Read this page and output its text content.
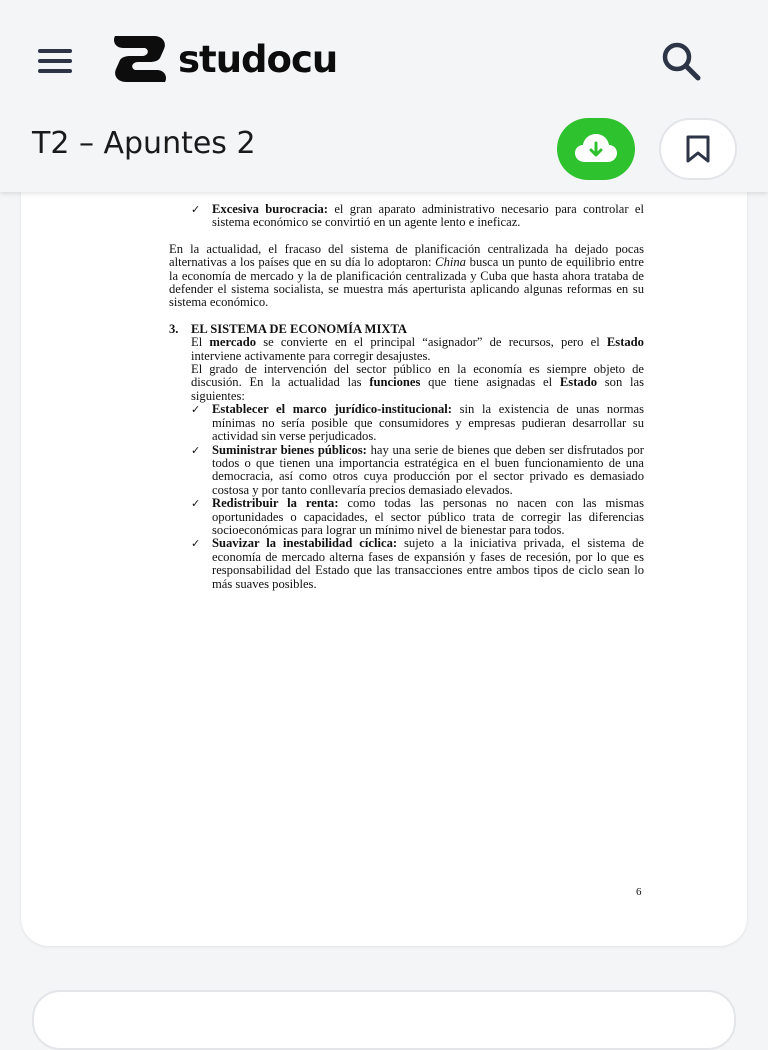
✓ Excesiva burocracia: el gran aparato administrativo necesario para controlar el sistema económico se convirtió en un agente lento e ineficaz.

En la actualidad, el fracaso del sistema de planificación centralizada ha dejado pocas alternativas a los países que en su día lo adoptaron: China busca un punto de equilibrio entre la economía de mercado y la de planificación centralizada y Cuba que hasta ahora trataba de defender el sistema socialista, se muestra más aperturista aplicando algunas reformas en su sistema económico.

3. EL SISTEMA DE ECONOMÍA MIXTA

El mercado se convierte en el principal “asignador” de recursos, pero el Estado interviene activamente para corregir desajustes.

El grado de intervención del sector público en la economía es siempre objeto de discusión. En la actualidad las funciones que tiene asignadas el Estado son las siguientes:

✓ Establecer el marco jurídico-institucional: sin la existencia de unas normas mínimas no sería posible que consumidores y empresas pudieran desarrollar su actividad sin verse perjudicados.

✓ Suministrar bienes públicos: hay una serie de bienes que deben ser disfrutados por todos o que tienen una importancia estratégica en el buen funcionamiento de una democracia, así como otros cuya producción por el sector privado es demasiado costosa y por tanto conllevaría precios demasiado elevados.

✓ Redistribuir la renta: como todas las personas no nacen con las mismas oportunidades o capacidades, el sector público trata de corregir las diferencias socioeconómicas para lograr un mínimo nivel de bienestar para todos.

✓ Suavizar la inestabilidad cíclica: sujeto a la iniciativa privada, el sistema de economía de mercado alterna fases de expansión y fases de recesión, por lo que es responsabilidad del Estado que las transacciones entre ambos tipos de ciclo sean lo más suaves posibles.

6
studocu
T2 – Apuntes 2
